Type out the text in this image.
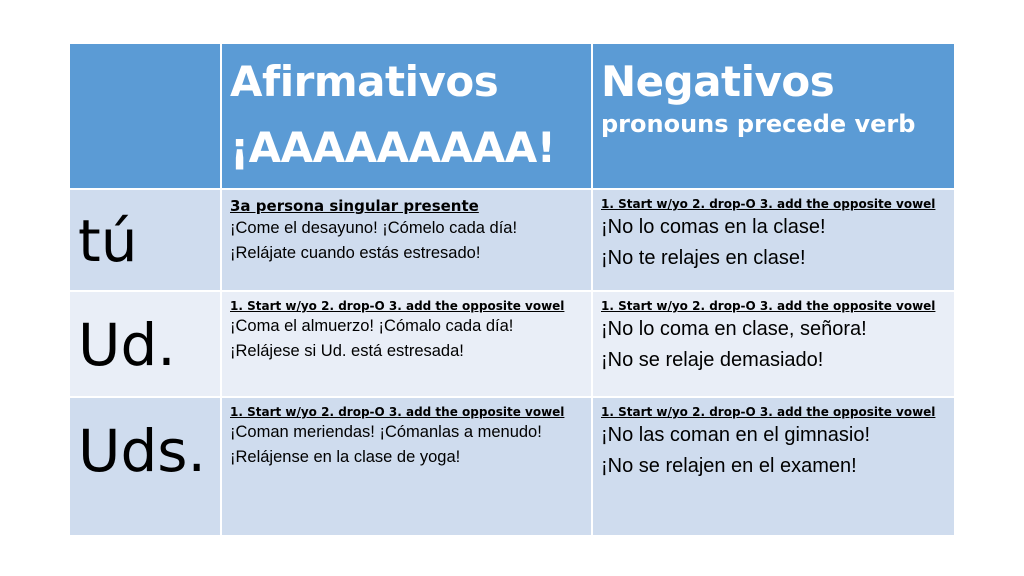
Afirmativos
¡AAAAAAAAA!
Negativos
pronouns precede verb
tú
3a persona singular presente
¡Come el desayuno! ¡Cómelo cada día!
¡Relájate cuando estás estresado!
1. Start w/yo 2. drop-O 3. add the opposite vowel
¡No lo comas en la clase!
¡No te relajes en clase!
Ud.
1. Start w/yo 2. drop-O 3. add the opposite vowel
¡Coma el almuerzo! ¡Cómalo cada día!
¡Relájese si Ud. está estresada!
1. Start w/yo 2. drop-O 3. add the opposite vowel
¡No lo coma en clase, señora!
¡No se relaje demasiado!
Uds.
1. Start w/yo 2. drop-O 3. add the opposite vowel
¡Coman meriendas! ¡Cómanlas a menudo!
¡Relájense en la clase de yoga!
1. Start w/yo 2. drop-O 3. add the opposite vowel
¡No las coman en el gimnasio!
¡No se relajen en el examen!
